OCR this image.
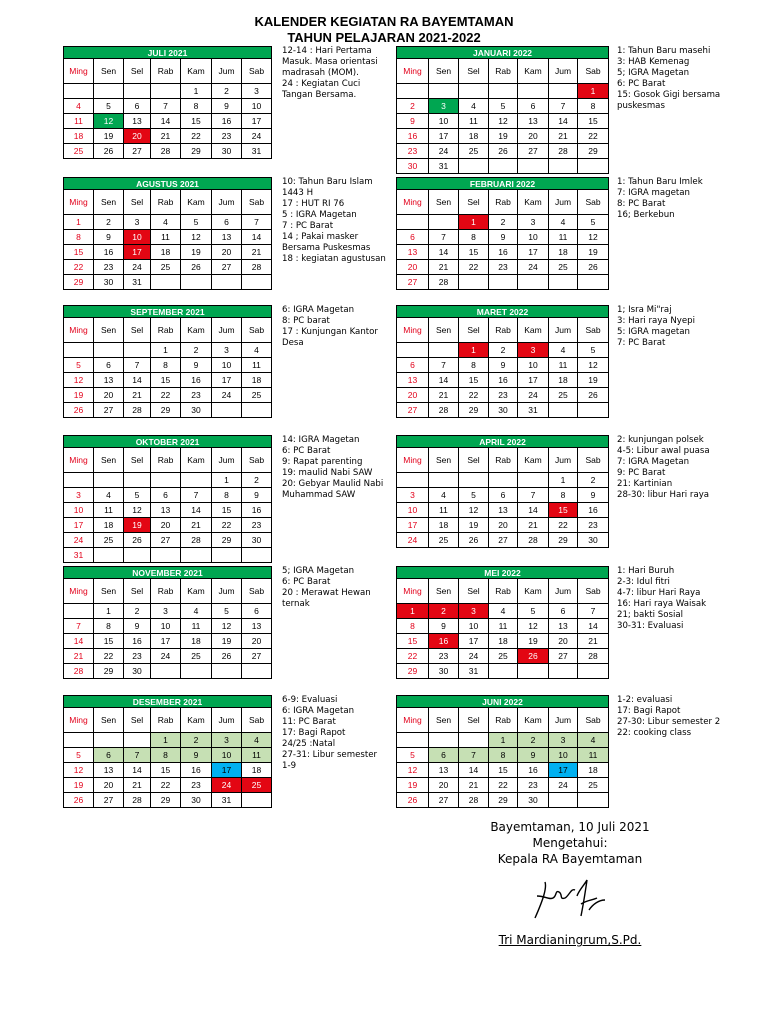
KALENDER KEGIATAN RA BAYEMTAMAN
TAHUN PELAJARAN 2021-2022
JULI 2021						
Ming	Sen	Sel	Rab	Kam	Jum	Sab
				1	2	3
4	5	6	7	8	9	10
11	12	13	14	15	16	17
18	19	20	21	22	23	24
25	26	27	28	29	30	31
12-14 : Hari Pertama
Masuk. Masa orientasi
madrasah (MOM).
24 : Kegiatan Cuci
Tangan Bersama.
JANUARI 2022						
Ming	Sen	Sel	Rab	Kam	Jum	Sab
						1
2	3	4	5	6	7	8
9	10	11	12	13	14	15
16	17	18	19	20	21	22
23	24	25	26	27	28	29
30	31					
1: Tahun Baru masehi
3: HAB Kemenag
5; IGRA Magetan
6: PC Barat
15: Gosok Gigi bersama
puskesmas
AGUSTUS 2021						
Ming	Sen	Sel	Rab	Kam	Jum	Sab
1	2	3	4	5	6	7
8	9	10	11	12	13	14
15	16	17	18	19	20	21
22	23	24	25	26	27	28
29	30	31				
10: Tahun Baru Islam
1443 H
17 : HUT RI 76
5 : IGRA Magetan
7 : PC Barat
14 ; Pakai masker
Bersama Puskesmas
18 : kegiatan agustusan
FEBRUARI 2022						
Ming	Sen	Sel	Rab	Kam	Jum	Sab
		1	2	3	4	5
6	7	8	9	10	11	12
13	14	15	16	17	18	19
20	21	22	23	24	25	26
27	28					
1: Tahun Baru Imlek
7: IGRA magetan
8: PC Barat
16; Berkebun
SEPTEMBER 2021						
Ming	Sen	Sel	Rab	Kam	Jum	Sab
			1	2	3	4
5	6	7	8	9	10	11
12	13	14	15	16	17	18
19	20	21	22	23	24	25
26	27	28	29	30		
6: IGRA Magetan
8: PC barat
17 : Kunjungan Kantor
Desa
MARET 2022						
Ming	Sen	Sel	Rab	Kam	Jum	Sab
		1	2	3	4	5
6	7	8	9	10	11	12
13	14	15	16	17	18	19
20	21	22	23	24	25	26
27	28	29	30	31		
1; Isra Mi"raj
3: Hari raya Nyepi
5: IGRA magetan
7: PC Barat
OKTOBER 2021						
Ming	Sen	Sel	Rab	Kam	Jum	Sab
					1	2
3	4	5	6	7	8	9
10	11	12	13	14	15	16
17	18	19	20	21	22	23
24	25	26	27	28	29	30
31						
14: IGRA Magetan
6: PC Barat
9: Rapat parenting
19: maulid Nabi SAW
20: Gebyar Maulid Nabi
Muhammad SAW
APRIL 2022						
Ming	Sen	Sel	Rab	Kam	Jum	Sab
					1	2
3	4	5	6	7	8	9
10	11	12	13	14	15	16
17	18	19	20	21	22	23
24	25	26	27	28	29	30
2: kunjungan polsek
4-5: Libur awal puasa
7: IGRA Magetan
9: PC Barat
21: Kartinian
28-30: libur Hari raya
NOVEMBER 2021						
Ming	Sen	Sel	Rab	Kam	Jum	Sab
	1	2	3	4	5	6
7	8	9	10	11	12	13
14	15	16	17	18	19	20
21	22	23	24	25	26	27
28	29	30				
5; IGRA Magetan
6: PC Barat
20 : Merawat Hewan
ternak
MEI 2022						
Ming	Sen	Sel	Rab	Kam	Jum	Sab
1	2	3	4	5	6	7
8	9	10	11	12	13	14
15	16	17	18	19	20	21
22	23	24	25	26	27	28
29	30	31				
1: Hari Buruh
2-3: Idul fitri
4-7: libur Hari Raya
16: Hari raya Waisak
21; bakti Sosial
30-31: Evaluasi
DESEMBER 2021						
Ming	Sen	Sel	Rab	Kam	Jum	Sab
			1	2	3	4
5	6	7	8	9	10	11
12	13	14	15	16	17	18
19	20	21	22	23	24	25
26	27	28	29	30	31	
6-9: Evaluasi
6: IGRA Magetan
11: PC Barat
17: Bagi Rapot
24/25 :Natal
27-31: Libur semester
1-9
JUNI 2022						
Ming	Sen	Sel	Rab	Kam	Jum	Sab
			1	2	3	4
5	6	7	8	9	10	11
12	13	14	15	16	17	18
19	20	21	22	23	24	25
26	27	28	29	30		
1-2: evaluasi
17: Bagi Rapot
27-30: Libur semester 2
22: cooking class
Bayemtaman, 10 Juli 2021
Mengetahui:
Kepala RA Bayemtaman
Tri Mardianingrum,S.Pd.
